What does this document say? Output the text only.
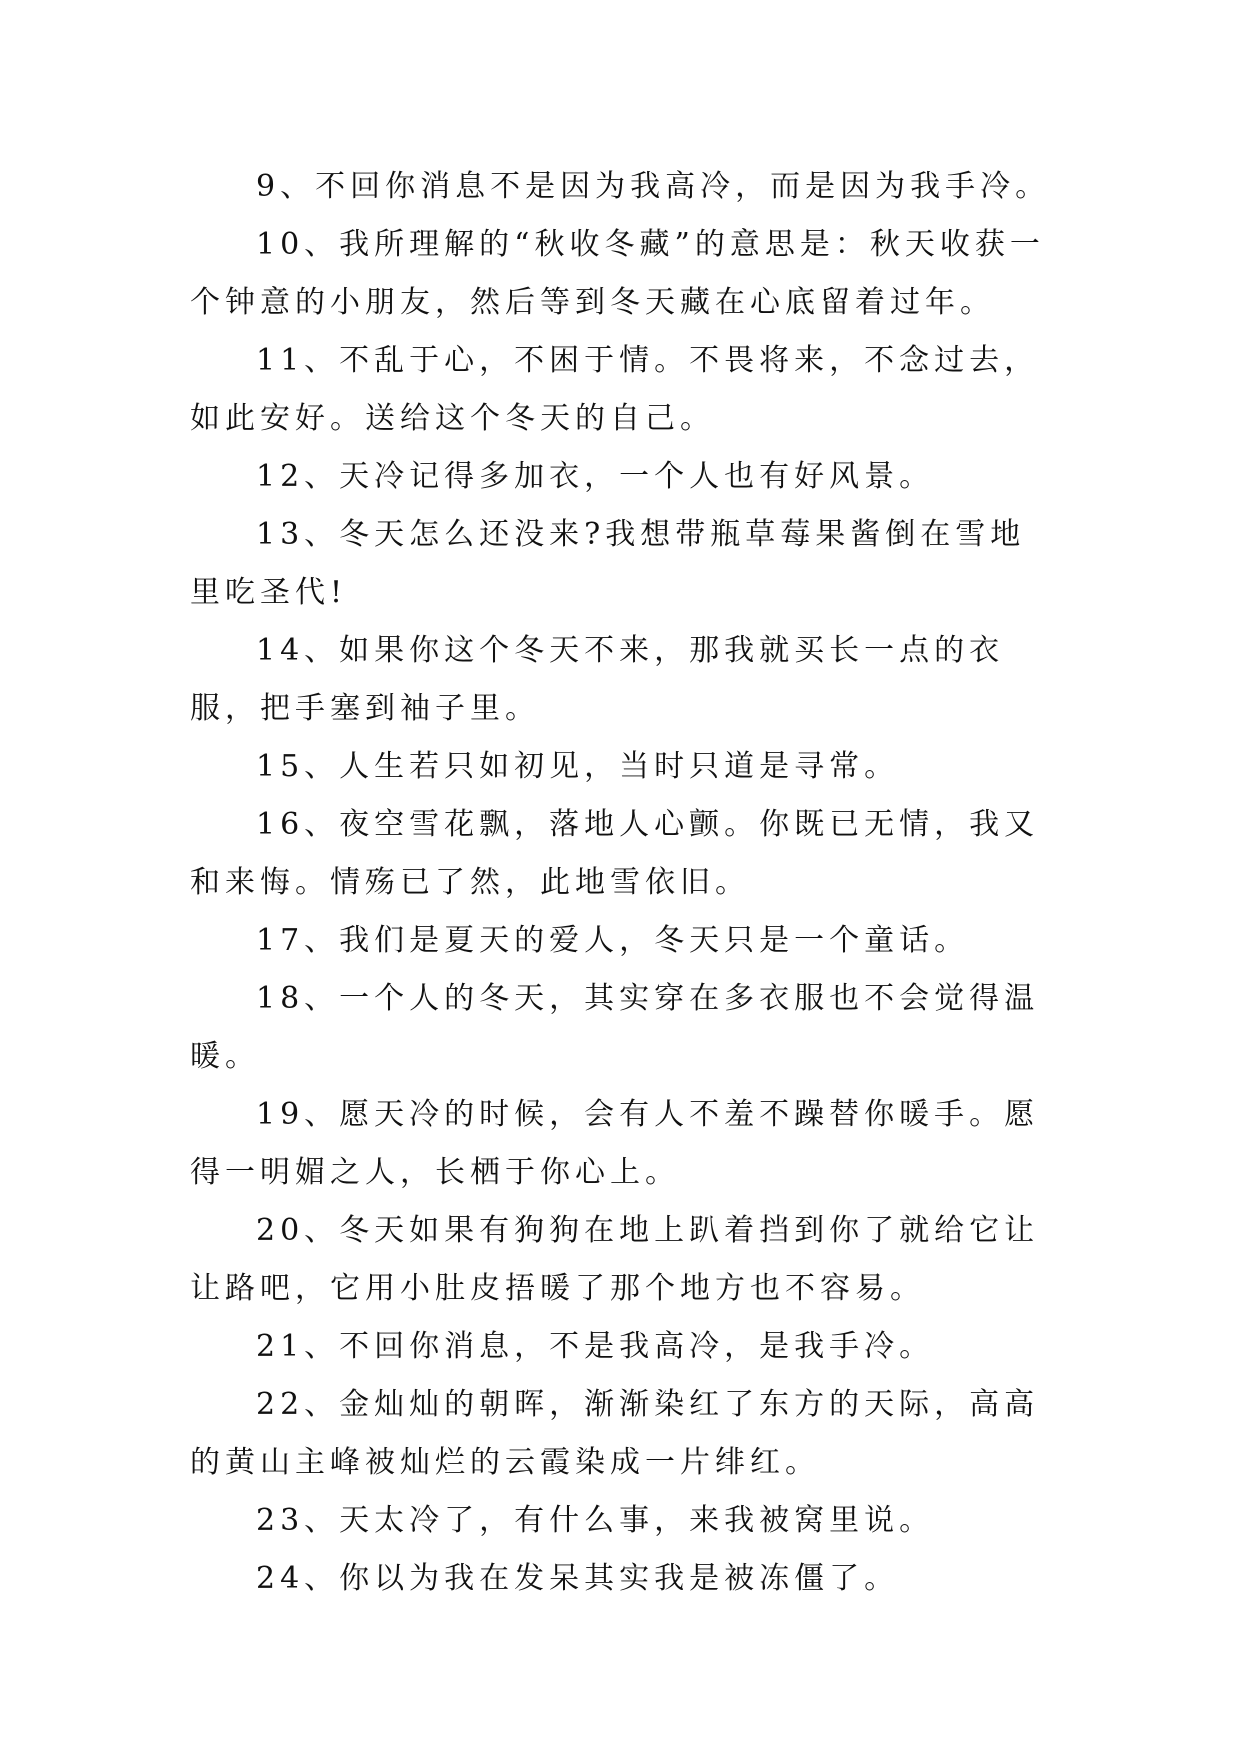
9、不回你消息不是因为我高冷，而是因为我手冷。

10、我所理解的“秋收冬藏”的意思是：秋天收获一个钟意的小朋友，然后等到冬天藏在心底留着过年。

11、不乱于心，不困于情。不畏将来，不念过去，如此安好。送给这个冬天的自己。

12、天冷记得多加衣，一个人也有好风景。

13、冬天怎么还没来?我想带瓶草莓果酱倒在雪地里吃圣代!

14、如果你这个冬天不来，那我就买长一点的衣服，把手塞到袖子里。

15、人生若只如初见，当时只道是寻常。

16、夜空雪花飘，落地人心颤。你既已无情，我又和来悔。情殇已了然，此地雪依旧。

17、我们是夏天的爱人，冬天只是一个童话。

18、一个人的冬天，其实穿在多衣服也不会觉得温暖。

19、愿天冷的时候，会有人不羞不躁替你暖手。愿得一明媚之人，长栖于你心上。

20、冬天如果有狗狗在地上趴着挡到你了就给它让让路吧，它用小肚皮捂暖了那个地方也不容易。

21、不回你消息，不是我高冷，是我手冷。

22、金灿灿的朝晖，渐渐染红了东方的天际，高高的黄山主峰被灿烂的云霞染成一片绯红。

23、天太冷了，有什么事，来我被窝里说。

24、你以为我在发呆其实我是被冻僵了。
